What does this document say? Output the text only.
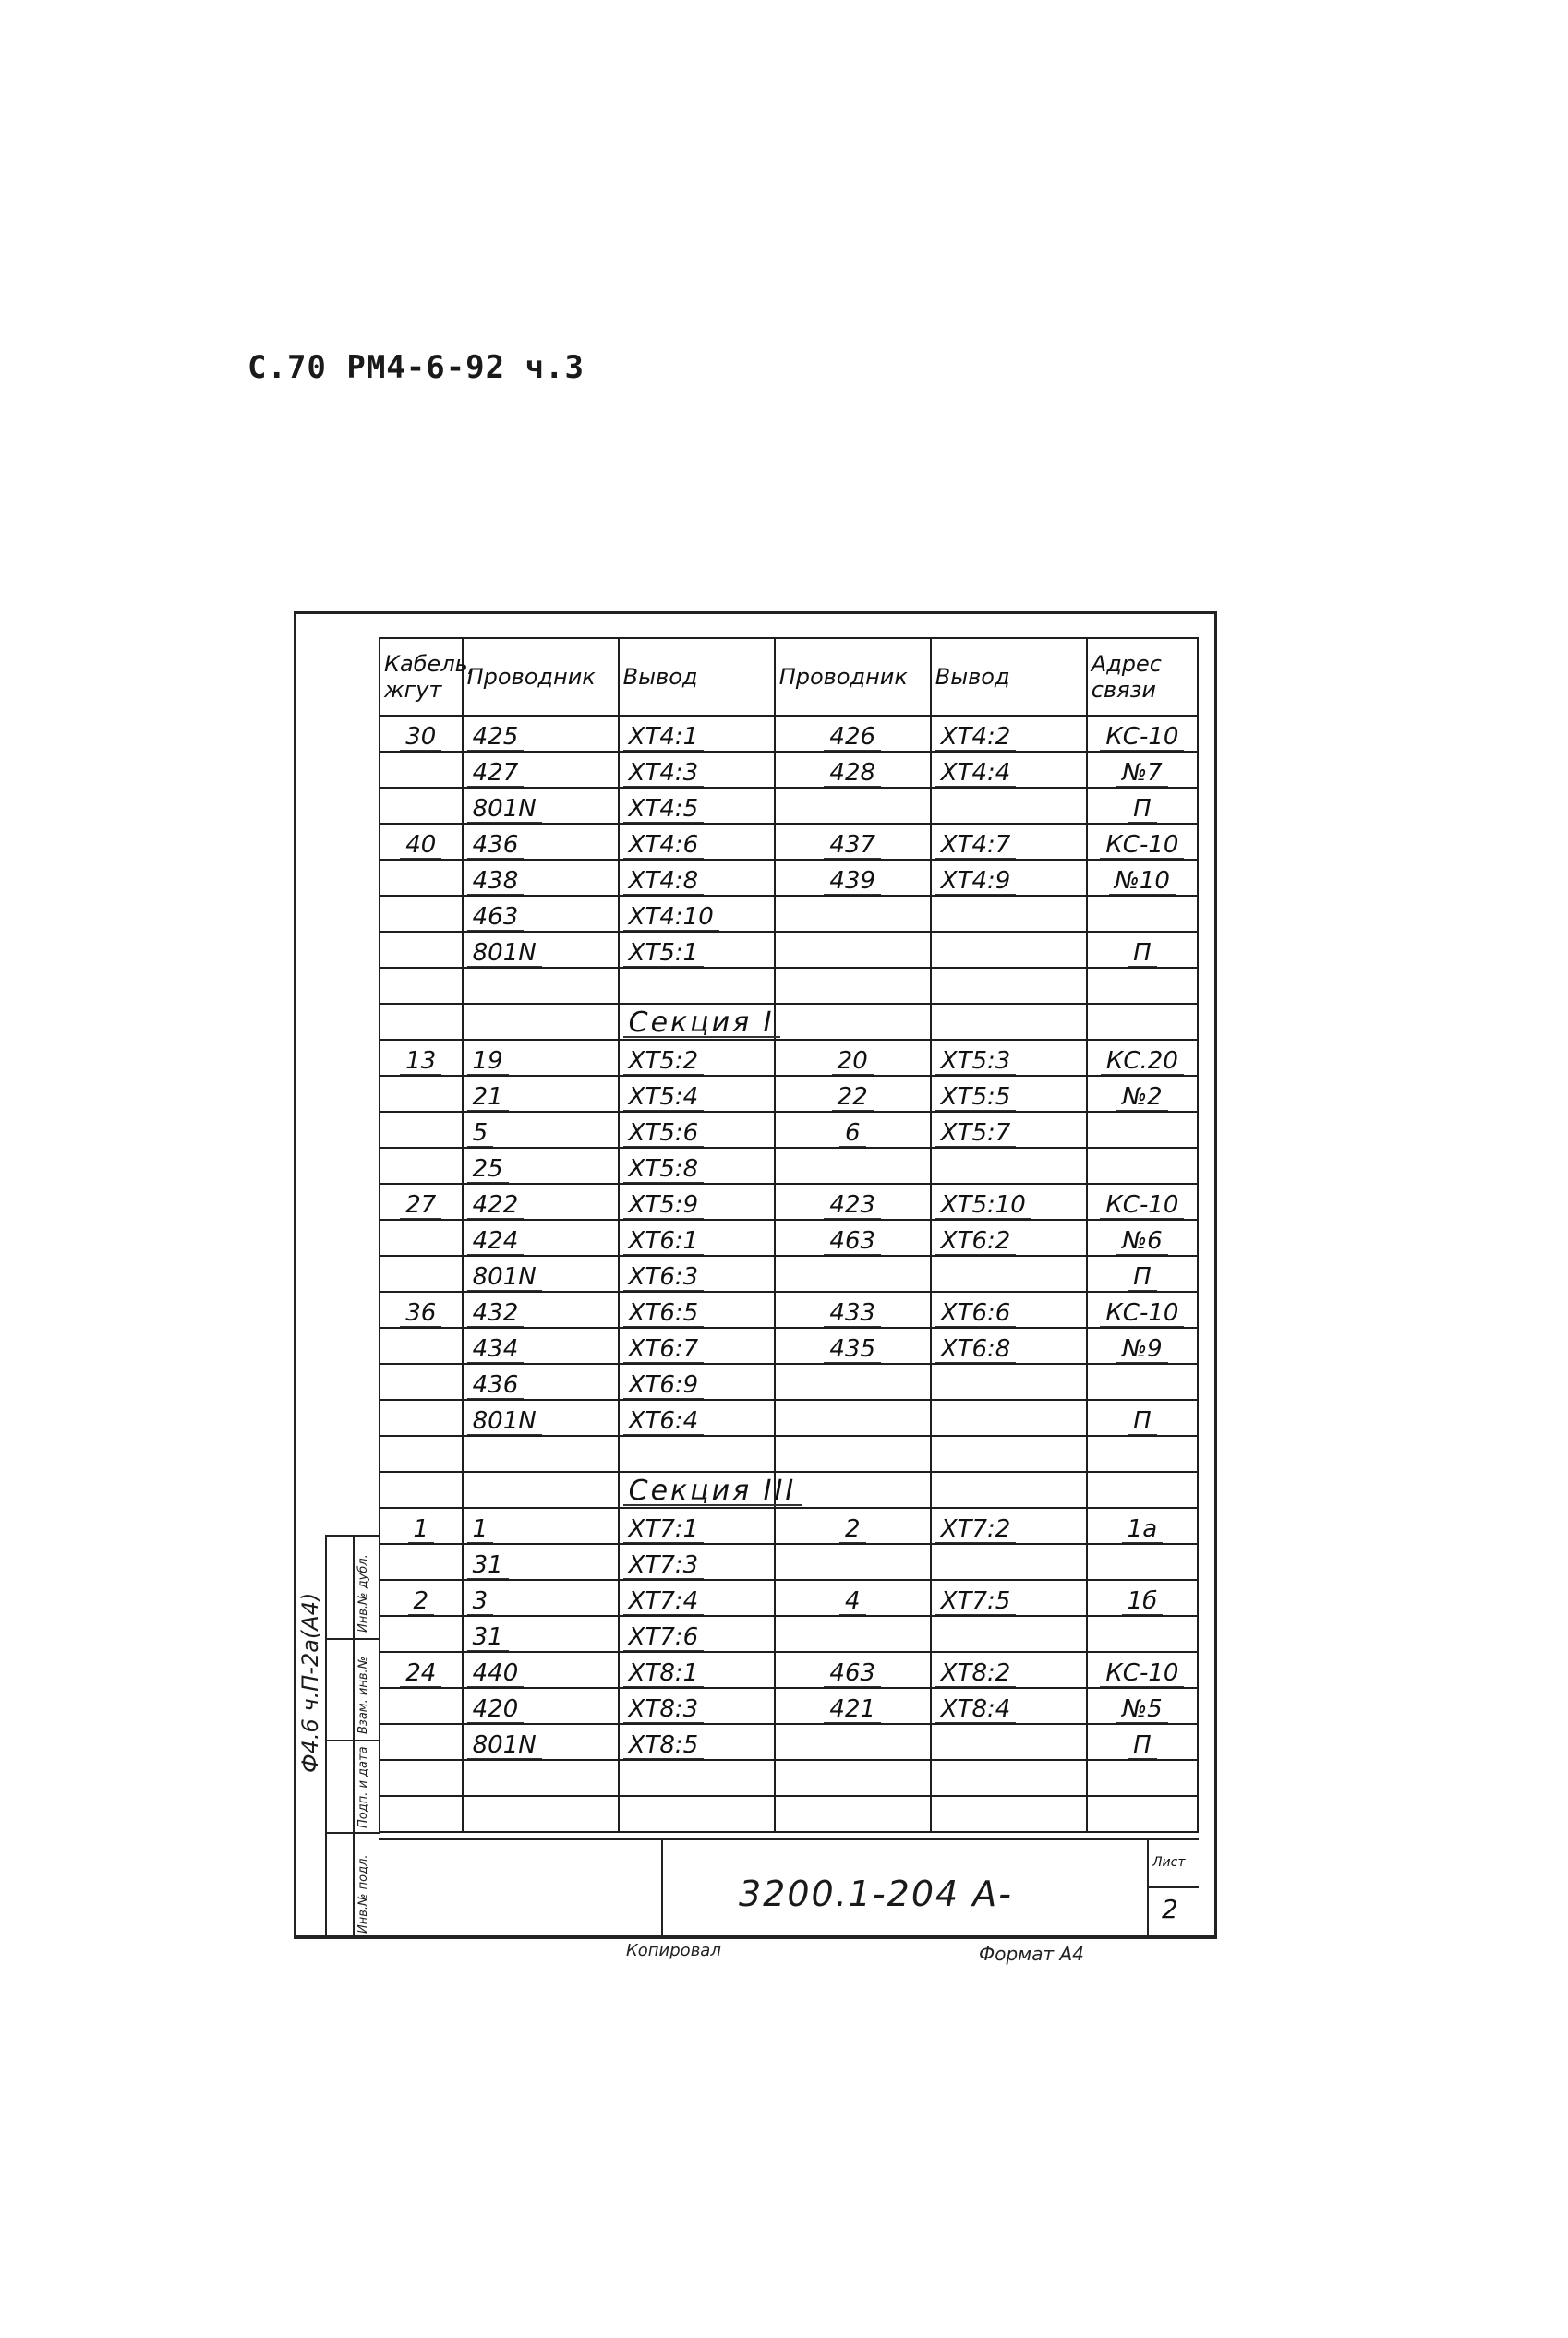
С.70 РМ4-6-92 ч.3
Кабель, жгут	Проводник	Вывод	Проводник	Вывод	Адрес связи
30	425	ХТ4:1	426	ХТ4:2	КС-10
	427	ХТ4:3	428	ХТ4:4	№7
	801N	ХТ4:5			П
40	436	ХТ4:6	437	ХТ4:7	КС-10
	438	ХТ4:8	439	ХТ4:9	№10
	463	ХТ4:10			
	801N	ХТ5:1			П

		Секция I			
13	19	ХТ5:2	20	ХТ5:3	КС.20
	21	ХТ5:4	22	ХТ5:5	№2
	5	ХТ5:6	6	ХТ5:7	
	25	ХТ5:8			
27	422	ХТ5:9	423	ХТ5:10	КС-10
	424	ХТ6:1	463	ХТ6:2	№6
	801N	ХТ6:3			П
36	432	ХТ6:5	433	ХТ6:6	КС-10
	434	ХТ6:7	435	ХТ6:8	№9
	436	ХТ6:9			
	801N	ХТ6:4			П

		Секция III			
1	1	ХТ7:1	2	ХТ7:2	1а
	31	ХТ7:3			
2	3	ХТ7:4	4	ХТ7:5	1б
	31	ХТ7:6			
24	440	ХТ8:1	463	ХТ8:2	КС-10
	420	ХТ8:3	421	ХТ8:4	№5
	801N	ХТ8:5			П

3200.1-204 А-
Лист
2
Инв.№ дубл.
Взам. инв.№
Подп. и дата
Инв.№ подл.
Ф4.6 ч.П-2а(А4)
Копировал	Формат А4
